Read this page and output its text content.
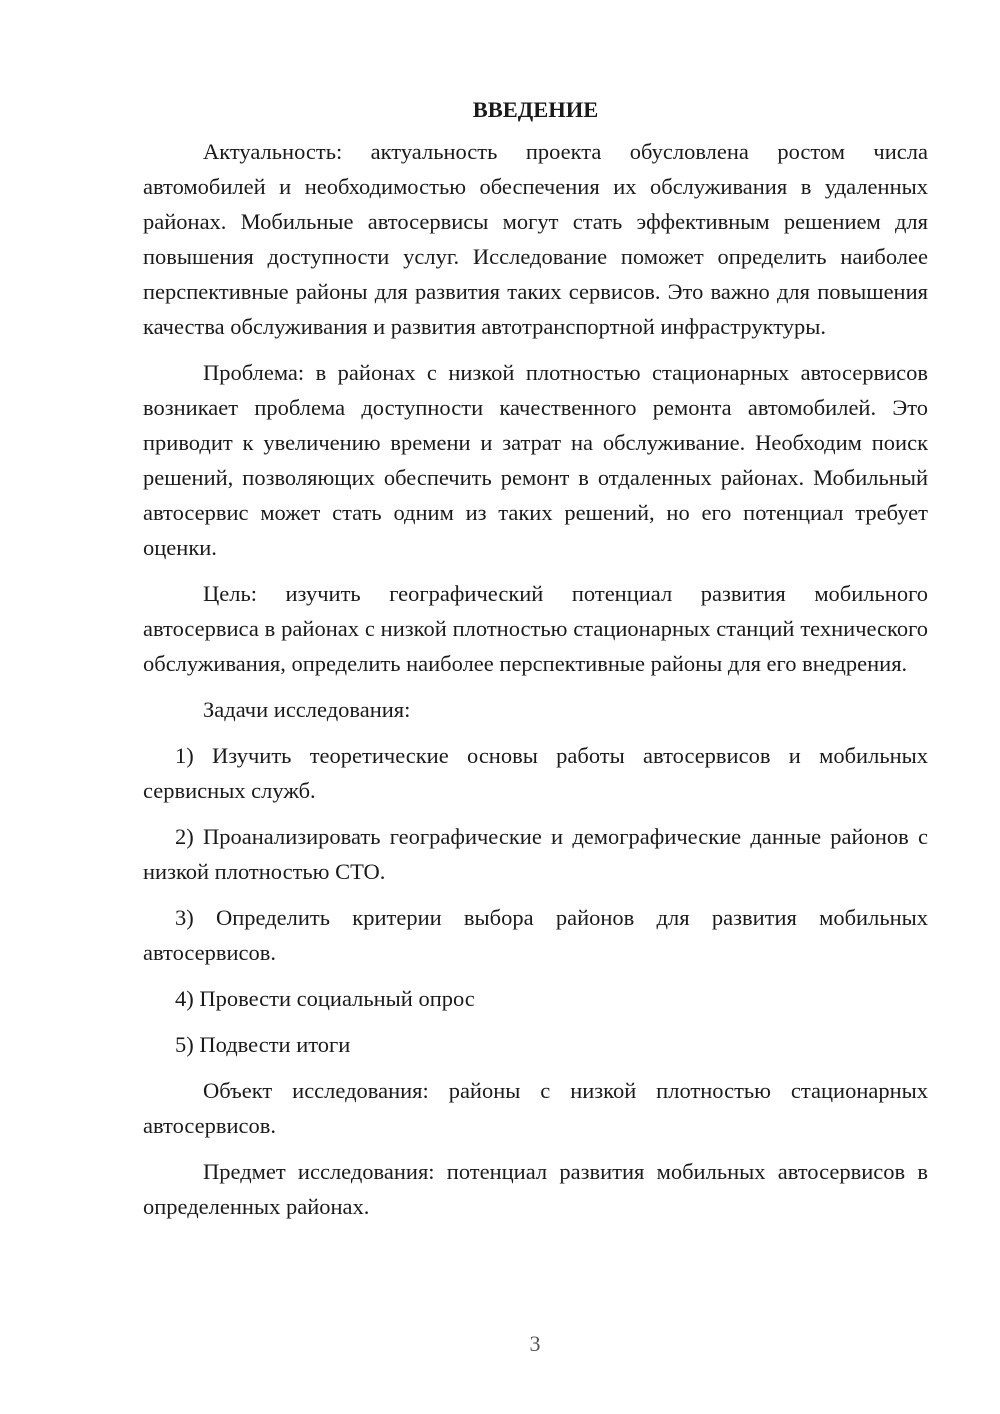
ВВЕДЕНИЕ

Актуальность: актуальность проекта обусловлена ростом числа автомобилей и необходимостью обеспечения их обслуживания в удаленных районах. Мобильные автосервисы могут стать эффективным решением для повышения доступности услуг. Исследование поможет определить наиболее перспективные районы для развития таких сервисов. Это важно для повышения качества обслуживания и развития автотранспортной инфраструктуры.

Проблема: в районах с низкой плотностью стационарных автосервисов возникает проблема доступности качественного ремонта автомобилей. Это приводит к увеличению времени и затрат на обслуживание. Необходим поиск решений, позволяющих обеспечить ремонт в отдаленных районах. Мобильный автосервис может стать одним из таких решений, но его потенциал требует оценки.

Цель: изучить географический потенциал развития мобильного автосервиса в районах с низкой плотностью стационарных станций технического обслуживания, определить наиболее перспективные районы для его внедрения.

Задачи исследования:

1) Изучить теоретические основы работы автосервисов и мобильных сервисных служб.

2) Проанализировать географические и демографические данные районов с низкой плотностью СТО.

3) Определить критерии выбора районов для развития мобильных автосервисов.

4) Провести социальный опрос

5) Подвести итоги

Объект исследования: районы с низкой плотностью стационарных автосервисов.

Предмет исследования: потенциал развития мобильных автосервисов в определенных районах.

3
